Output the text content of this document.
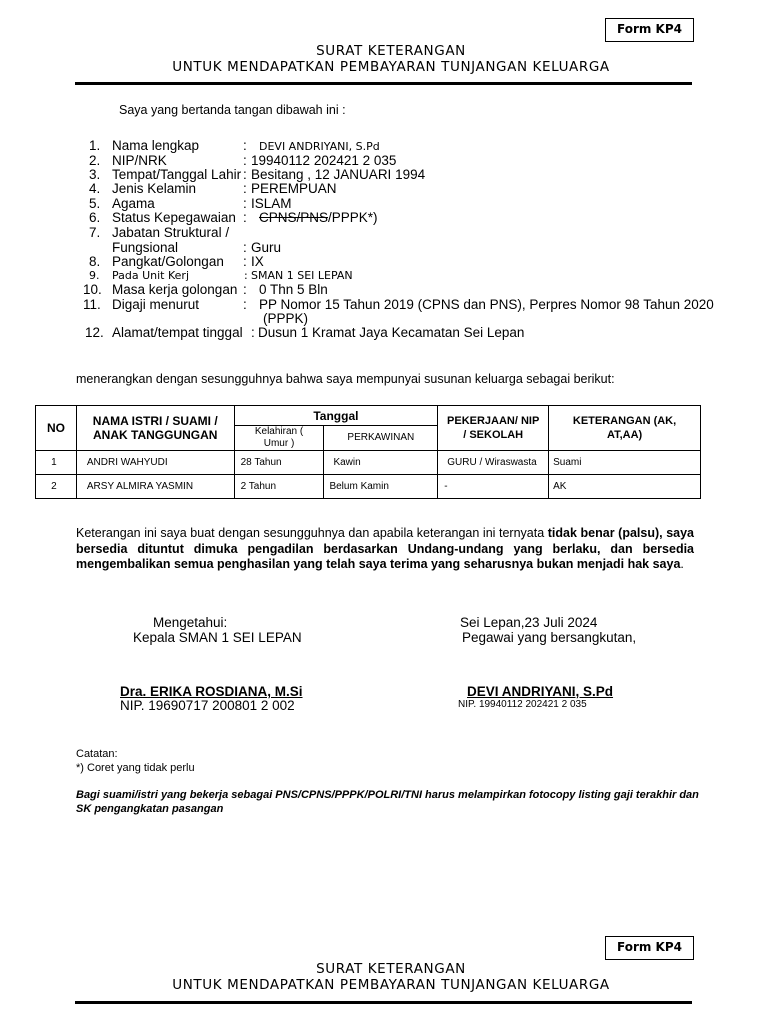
Form KP4
SURAT KETERANGAN
UNTUK MENDAPATKAN PEMBAYARAN TUNJANGAN KELUARGA
Saya yang bertanda tangan dibawah ini :
1. Nama lengkap	: DEVI ANDRIYANI, S.Pd
2. NIP/NRK	: 19940112 202421 2 035
3. Tempat/Tanggal Lahir : Besitang , 12 JANUARI 1994
4. Jenis Kelamin	: PEREMPUAN
5. Agama	: ISLAM
6. Status Kepegawaian : CPNS/PNS/PPPK*)
7. Jabatan Struktural /
Fungsional	: Guru
8. Pangkat/Golongan : IX
9. Pada Unit Kerj	: SMAN 1 SEI LEPAN
10. Masa kerja golongan : 0 Thn 5 Bln
11. Digaji menurut	: PP Nomor 15 Tahun 2019 (CPNS dan PNS), Perpres Nomor 98 Tahun 2020
(PPPK)
12. Alamat/tempat tinggal : Dusun 1 Kramat Jaya Kecamatan Sei Lepan
menerangkan dengan sesungguhnya bahwa saya mempunyai susunan keluarga sebagai berikut:
NO	NAMA ISTRI / SUAMI / ANAK TANGGUNGAN	Tanggal		PEKERJAAN/ NIP / SEKOLAH	KETERANGAN (AK, AT,AA)
		Kelahiran ( Umur )	PERKAWINAN		
1	ANDRI WAHYUDI	28 Tahun	Kawin	GURU / Wiraswasta	Suami
2	ARSY ALMIRA YASMIN	2 Tahun	Belum Kamin	-	AK
Keterangan ini saya buat dengan sesungguhnya dan apabila keterangan ini ternyata tidak benar (palsu), saya bersedia dituntut dimuka pengadilan berdasarkan Undang-undang yang berlaku, dan bersedia mengembalikan semua penghasilan yang telah saya terima yang seharusnya bukan menjadi hak saya.
Mengetahui:
Kepala SMAN 1 SEI LEPAN
Dra. ERIKA ROSDIANA, M.Si
NIP. 19690717 200801 2 002
Sei Lepan,23 Juli 2024
Pegawai yang bersangkutan,
DEVI ANDRIYANI, S.Pd
NIP. 19940112 202421 2 035
Catatan:
*) Coret yang tidak perlu
Bagi suami/istri yang bekerja sebagai PNS/CPNS/PPPK/POLRI/TNI harus melampirkan fotocopy listing gaji terakhir dan SK pengangkatan pasangan
Form KP4
SURAT KETERANGAN
UNTUK MENDAPATKAN PEMBAYARAN TUNJANGAN KELUARGA
